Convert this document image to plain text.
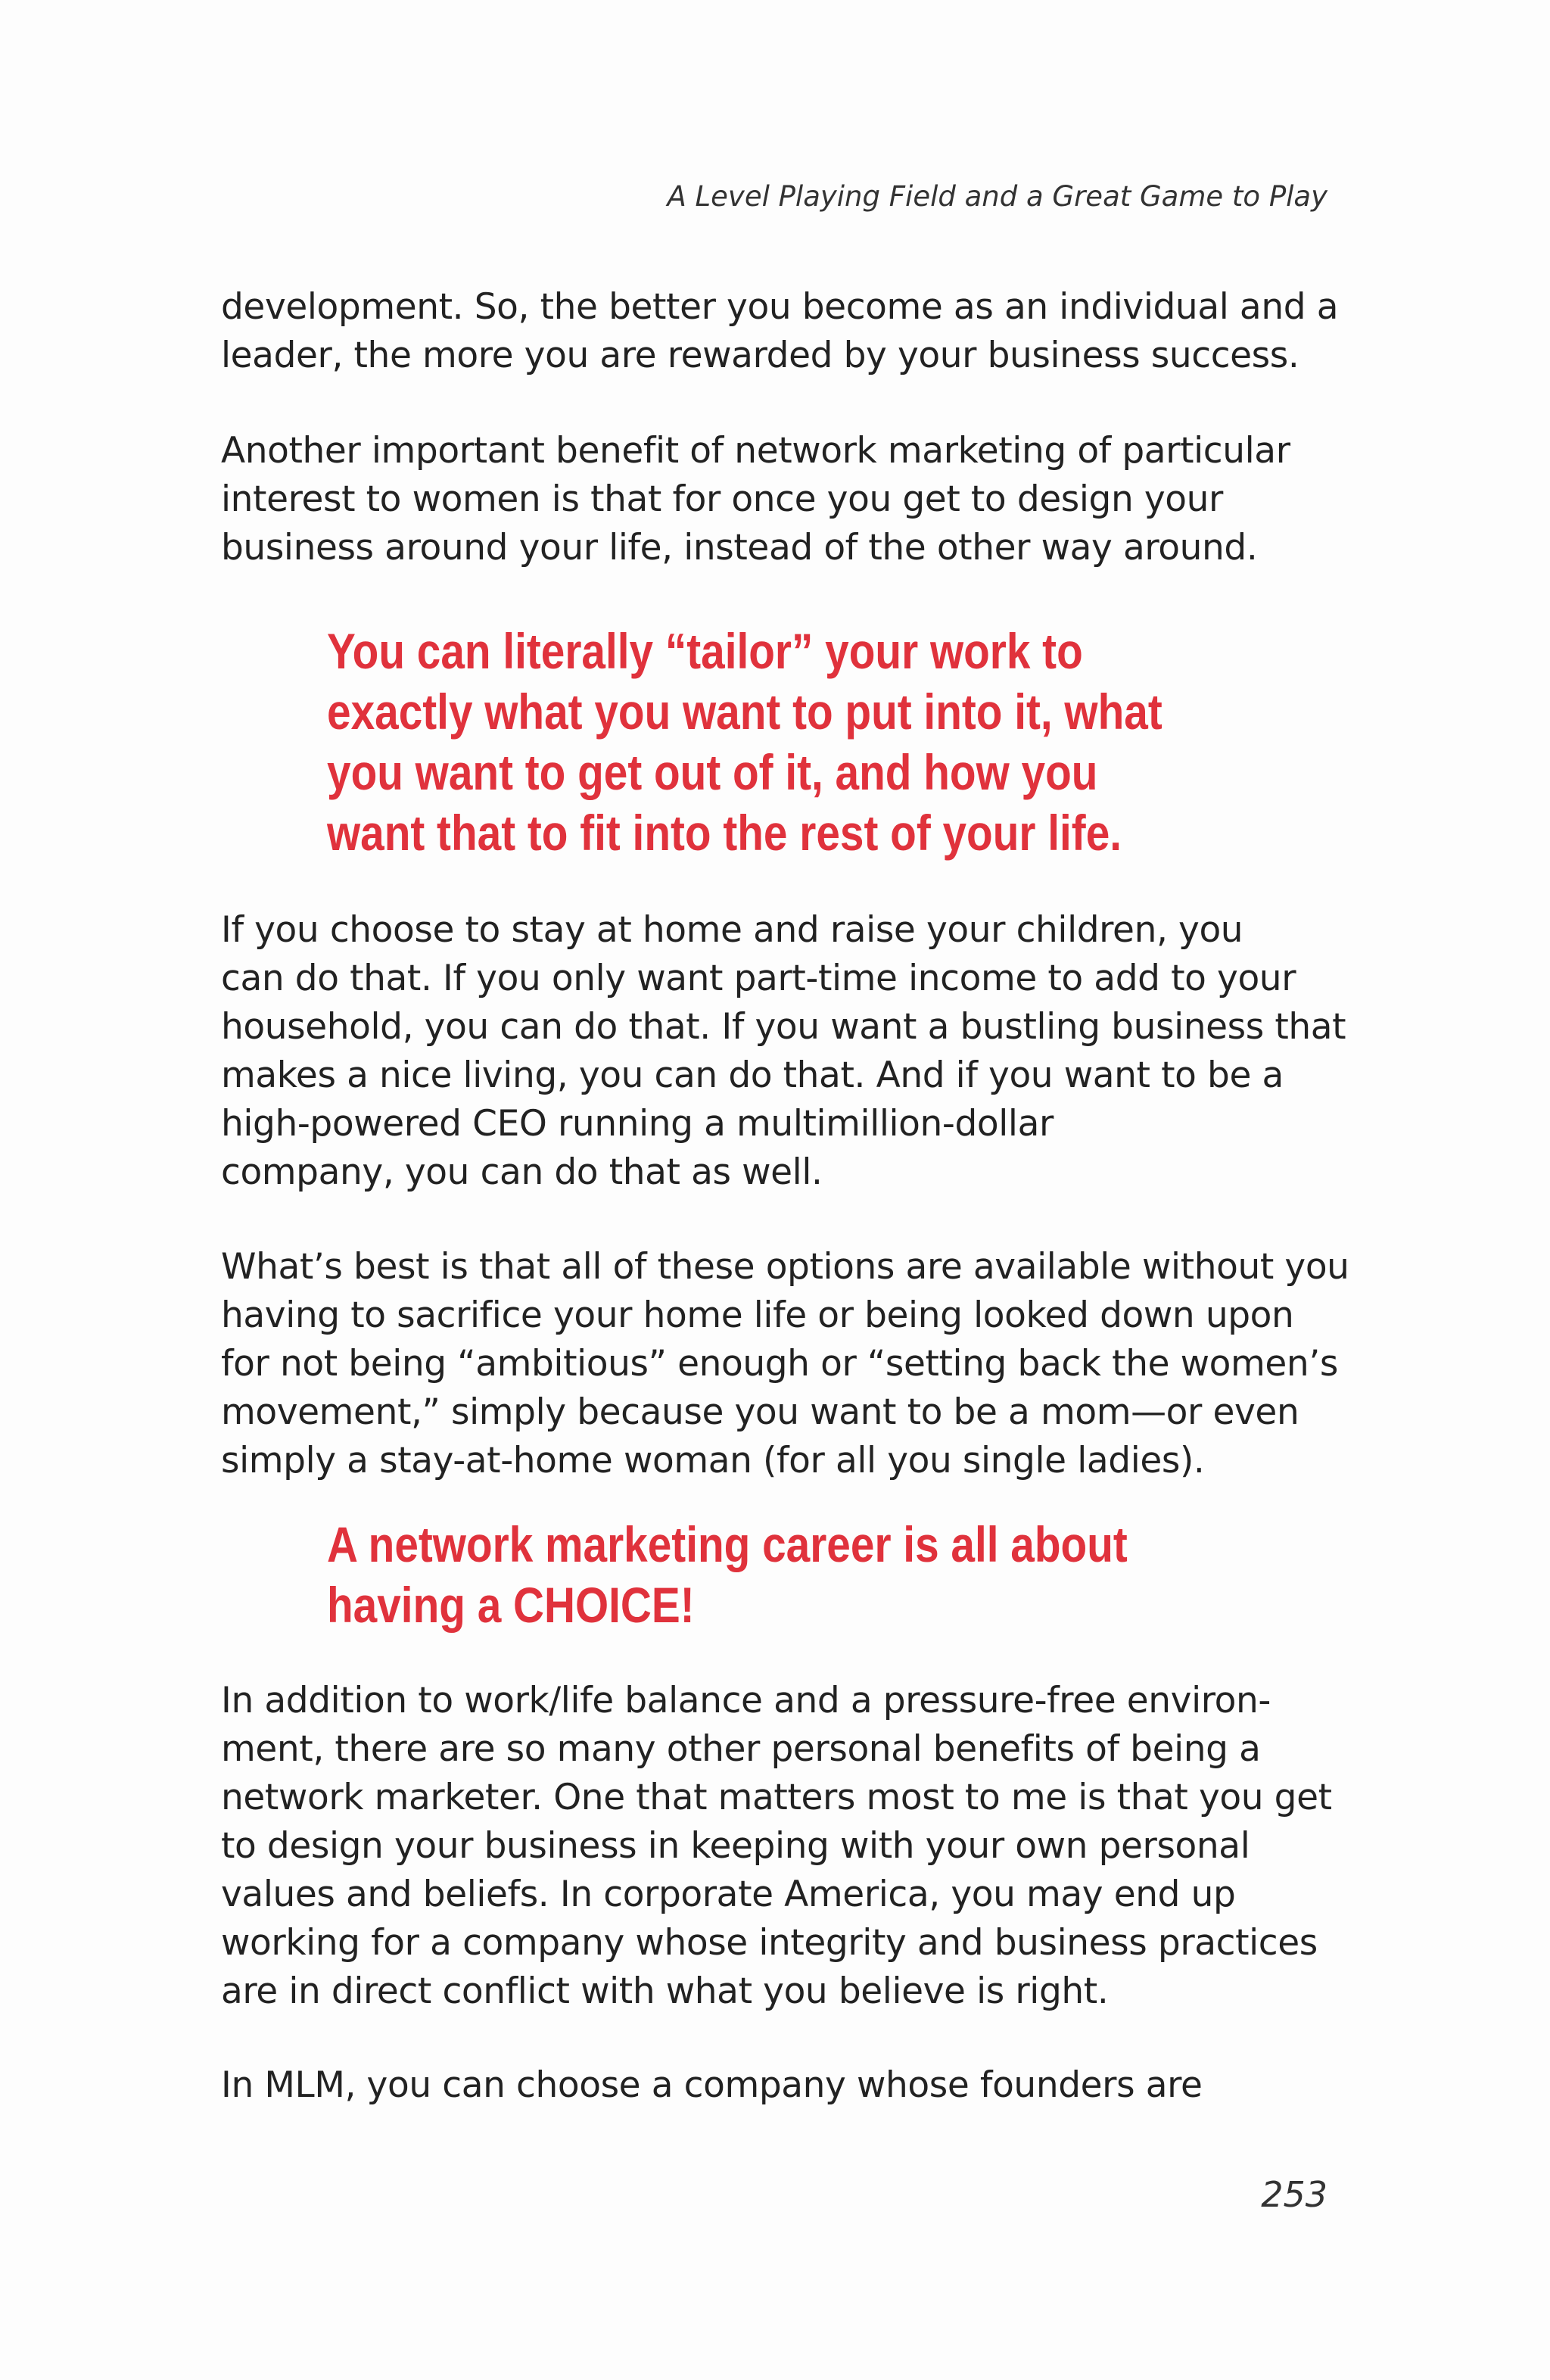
A Level Playing Field and a Great Game to Play
development. So, the better you become as an individual and a
leader, the more you are rewarded by your business success.
Another important benefit of network marketing of particular
interest to women is that for once you get to design your
business around your life, instead of the other way around.
You can literally “tailor” your work to
exactly what you want to put into it, what
you want to get out of it, and how you
want that to fit into the rest of your life.
If you choose to stay at home and raise your children, you
can do that. If you only want part-time income to add to your
household, you can do that. If you want a bustling business that
makes a nice living, you can do that. And if you want to be a
high-powered CEO running a multimillion-dollar
company, you can do that as well.
What’s best is that all of these options are available without you
having to sacrifice your home life or being looked down upon
for not being “ambitious” enough or “setting back the women’s
movement,” simply because you want to be a mom—or even
simply a stay-at-home woman (for all you single ladies).
A network marketing career is all about
having a CHOICE!
In addition to work/life balance and a pressure-free environ-
ment, there are so many other personal benefits of being a
network marketer. One that matters most to me is that you get
to design your business in keeping with your own personal
values and beliefs. In corporate America, you may end up
working for a company whose integrity and business practices
are in direct conflict with what you believe is right.
In MLM, you can choose a company whose founders are
253
